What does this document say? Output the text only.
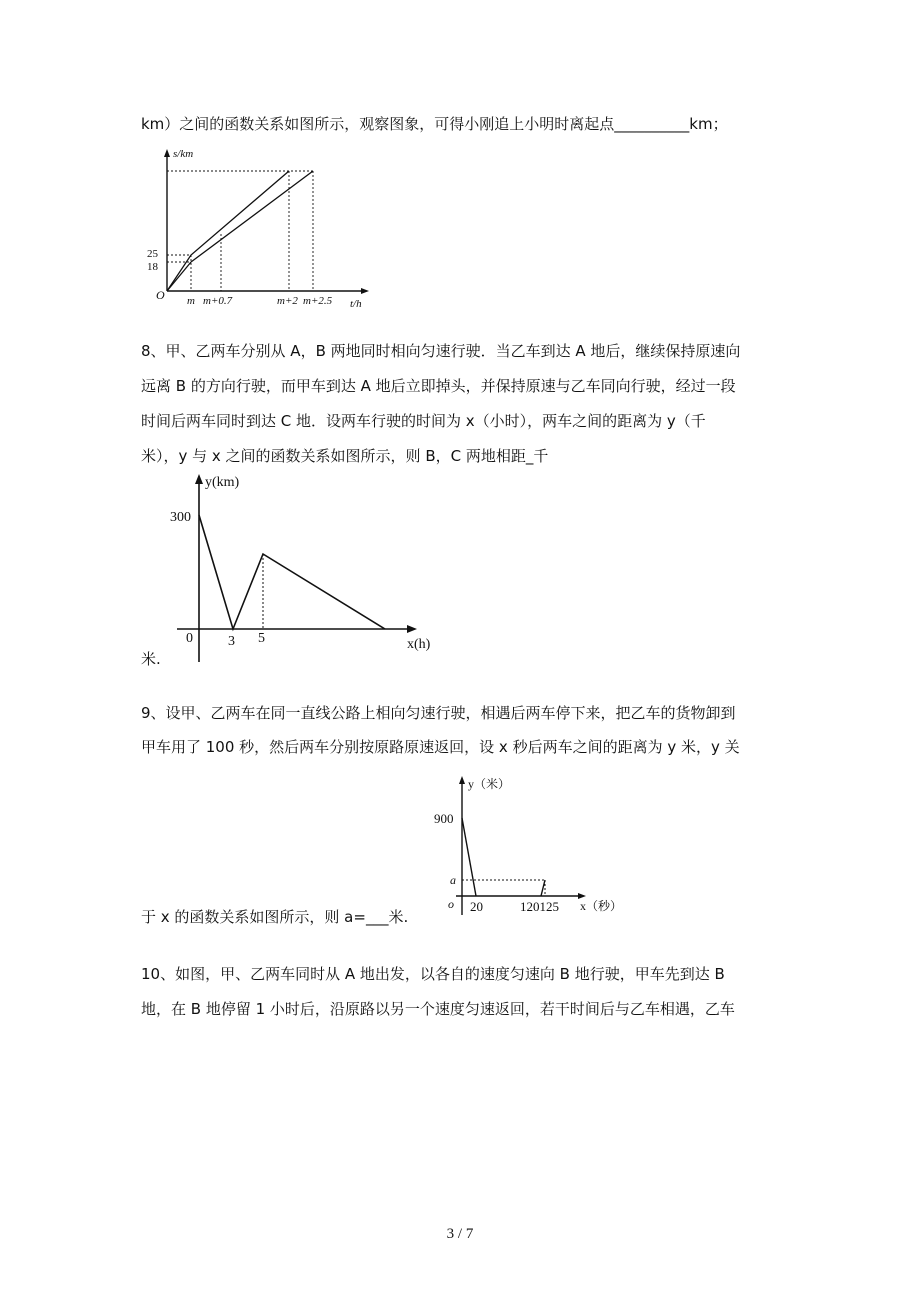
km）之间的函数关系如图所示，观察图象，可得小刚追上小明时离起点__________km；
s/km
t/h
O
25
18
m m+0.7	m+2 m+2.5
8、甲、乙两车分别从 A，B 两地同时相向匀速行驶．当乙车到达 A 地后，继续保持原速向
远离 B 的方向行驶，而甲车到达 A 地后立即掉头，并保持原速与乙车同向行驶，经过一段
时间后两车同时到达 C 地．设两车行驶的时间为 x（小时），两车之间的距离为 y（千
米），y 与 x 之间的函数关系如图所示，则 B，C 两地相距_千
y(km)
x(h)
300
0	3 5
米.
9、设甲、乙两车在同一直线公路上相向匀速行驶，相遇后两车停下来，把乙车的货物卸到
甲车用了 100 秒，然后两车分别按原路原速返回，设 x 秒后两车之间的距离为 y 米，y 关
y（米）
x（秒）
o
900
a
20	120125
于 x 的函数关系如图所示，则 a=___米.
10、如图，甲、乙两车同时从 A 地出发，以各自的速度匀速向 B 地行驶，甲车先到达 B
地，在 B 地停留 1 小时后，沿原路以另一个速度匀速返回，若干时间后与乙车相遇，乙车
3 / 7
